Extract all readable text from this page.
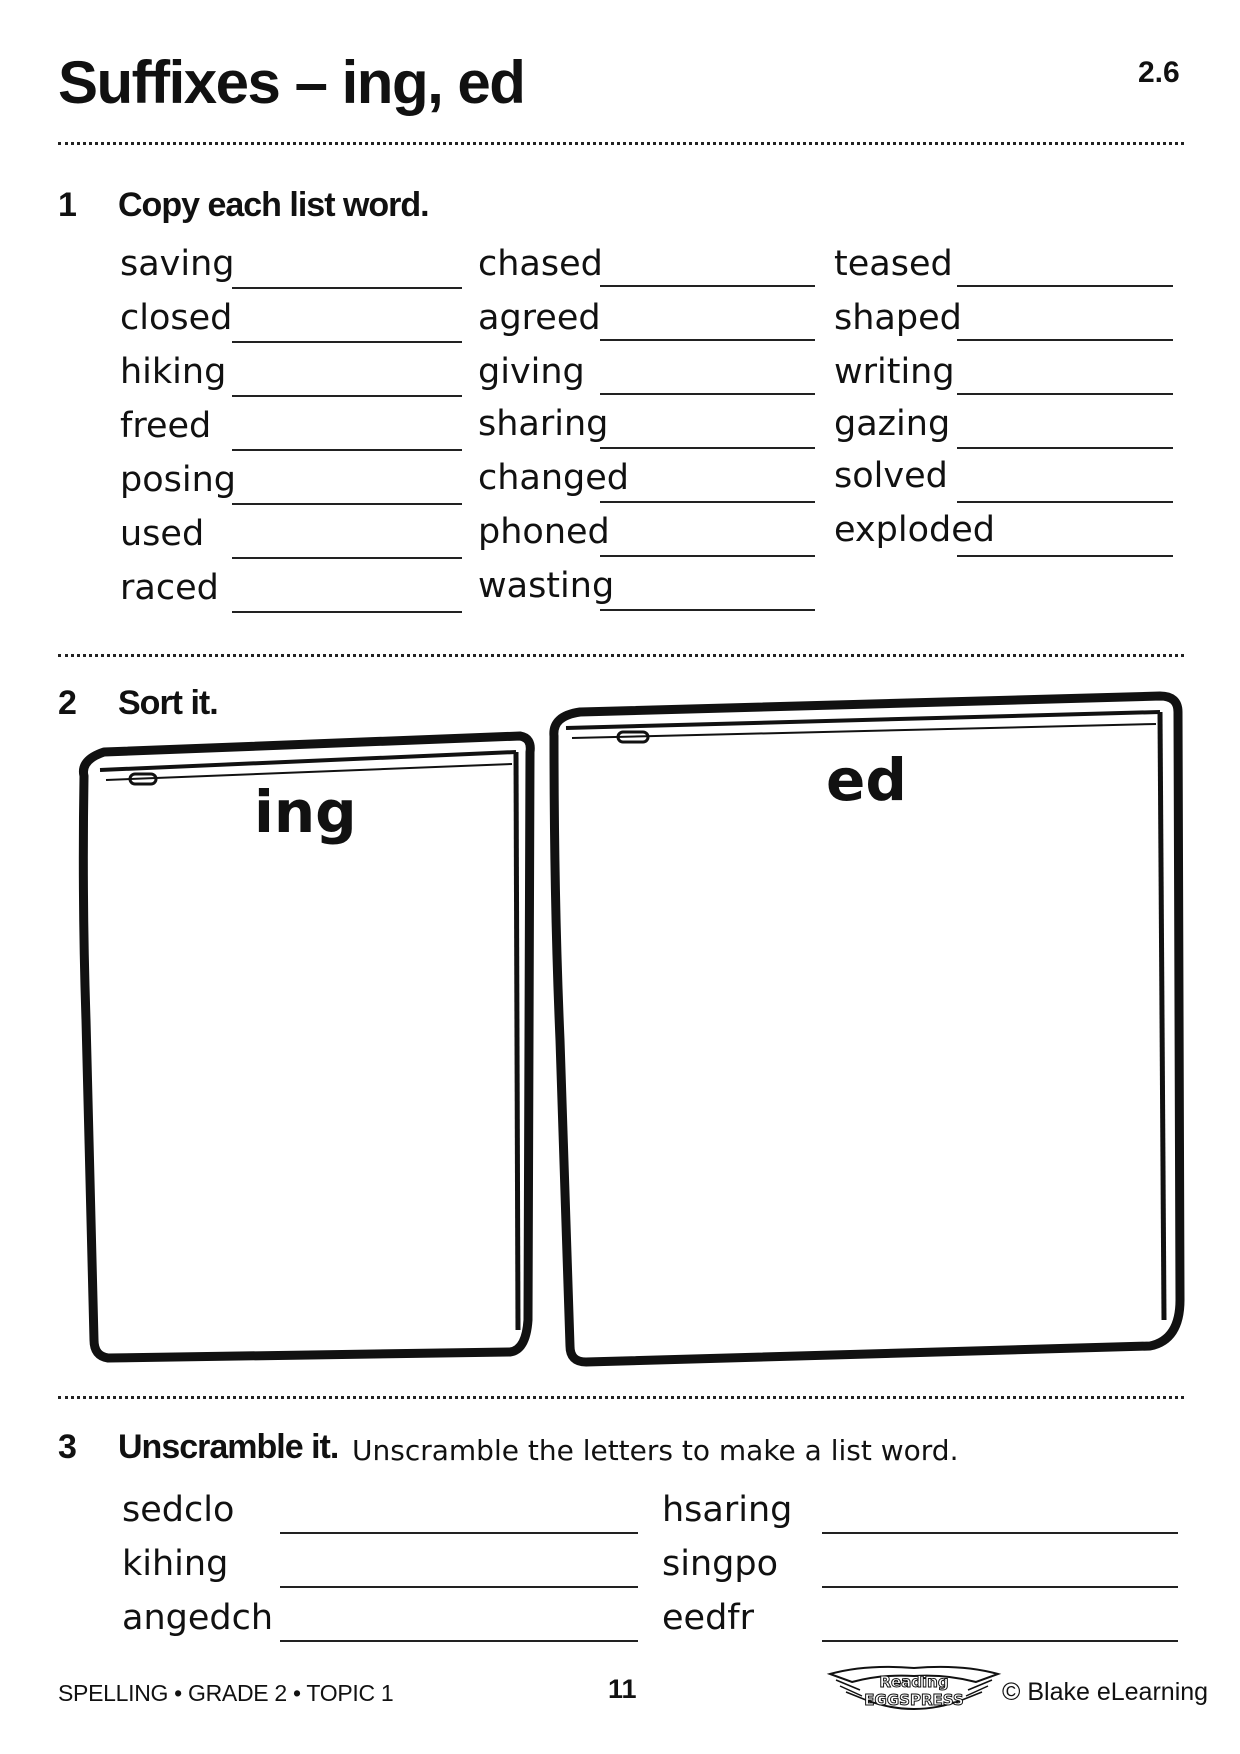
Suffixes – ing, ed	2.6
1 Copy each list word.
saving
closed
hiking
freed
posing
used
raced
chased
agreed
giving
sharing
changed
phoned
wasting
teased
shaped
writing
gazing
solved
exploded
2 Sort it.
ing	ed
3 Unscramble it. Unscramble the letters to make a list word.
sedclo
kihing
angedch
hsaring
singpo
eedfr
SPELLING • GRADE 2 • TOPIC 1	11	Reading
EGGSPRESS © Blake eLearning
